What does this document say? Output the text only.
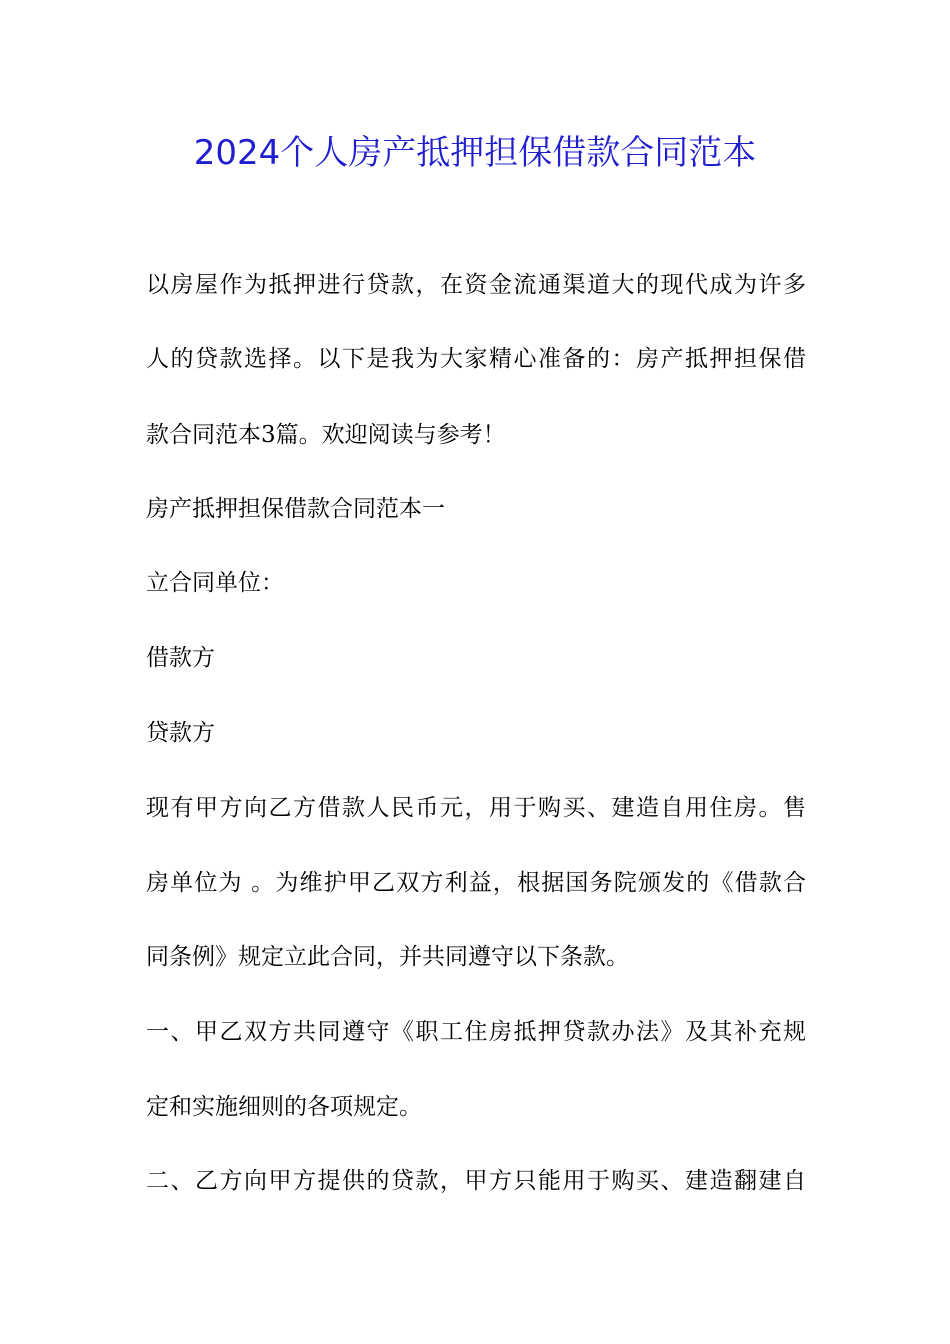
2024个人房产抵押担保借款合同范本

以房屋作为抵押进行贷款，在资金流通渠道大的现代成为许多

人的贷款选择。以下是我为大家精心准备的：房产抵押担保借

款合同范本3篇。欢迎阅读与参考！

房产抵押担保借款合同范本一

立合同单位：

借款方

贷款方

现有甲方向乙方借款人民币元，用于购买、建造自用住房。售

房单位为 。为维护甲乙双方利益，根据国务院颁发的《借款合

同条例》规定立此合同，并共同遵守以下条款。

一、甲乙双方共同遵守《职工住房抵押贷款办法》及其补充规

定和实施细则的各项规定。

二、乙方向甲方提供的贷款，甲方只能用于购买、建造翻建自
